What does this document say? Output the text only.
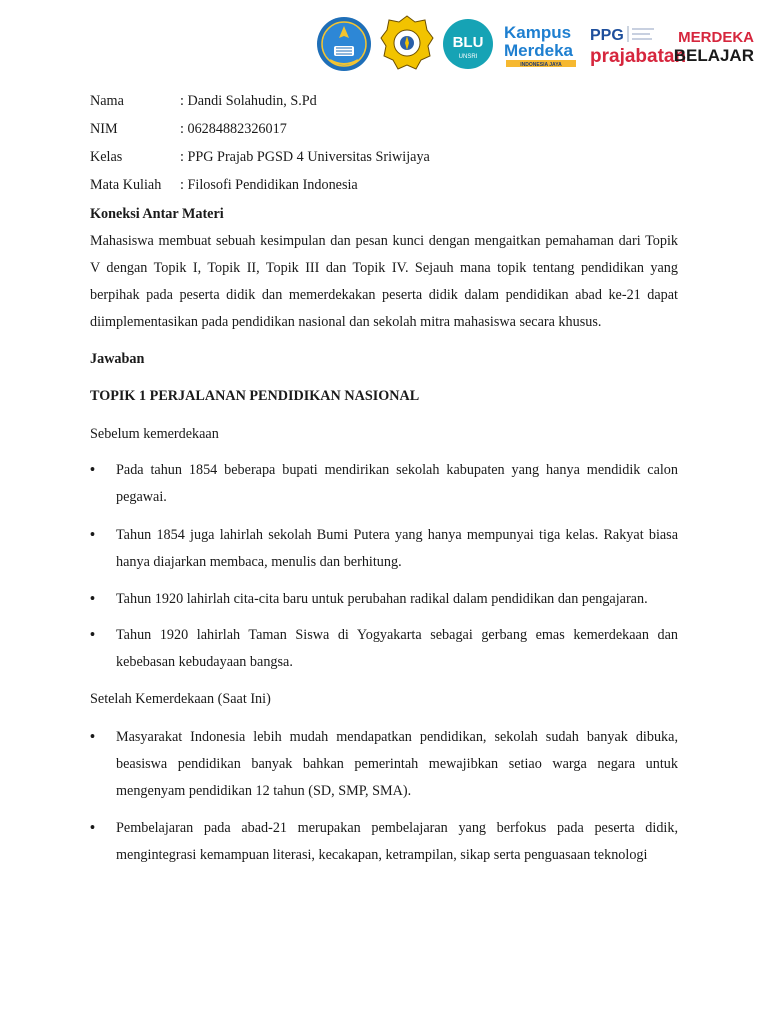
BLU
UNSRI
Kampus
Merdeka
INDONESIA JAYA
PPG
prajabatan
MERDEKA
BELAJAR
Nama	: Dandi Solahudin, S.Pd
NIM	: 06284882326017
Kelas	: PPG Prajab PGSD 4 Universitas Sriwijaya
Mata Kuliah : Filosofi Pendidikan Indonesia
Koneksi Antar Materi
Mahasiswa membuat sebuah kesimpulan dan pesan kunci dengan mengaitkan pemahaman dari Topik V dengan Topik I, Topik II, Topik III dan Topik IV. Sejauh mana topik tentang pendidikan yang berpihak pada peserta didik dan memerdekakan peserta didik dalam pendidikan abad ke-21 dapat diimplementasikan pada pendidikan nasional dan sekolah mitra mahasiswa secara khusus.
Jawaban
TOPIK 1 PERJALANAN PENDIDIKAN NASIONAL
Sebelum kemerdekaan
•	Pada tahun 1854 beberapa bupati mendirikan sekolah kabupaten yang hanya mendidik calon pegawai.
•	Tahun 1854 juga lahirlah sekolah Bumi Putera yang hanya mempunyai tiga kelas. Rakyat biasa hanya diajarkan membaca, menulis dan berhitung.
•	Tahun 1920 lahirlah cita-cita baru untuk perubahan radikal dalam pendidikan dan pengajaran.
•	Tahun 1920 lahirlah Taman Siswa di Yogyakarta sebagai gerbang emas kemerdekaan dan kebebasan kebudayaan bangsa.
Setelah Kemerdekaan (Saat Ini)
•	Masyarakat Indonesia lebih mudah mendapatkan pendidikan, sekolah sudah banyak dibuka, beasiswa pendidikan banyak bahkan pemerintah mewajibkan setiao warga negara untuk mengenyam pendidikan 12 tahun (SD, SMP, SMA).
•	Pembelajaran pada abad-21 merupakan pembelajaran yang berfokus pada peserta didik, mengintegrasi kemampuan literasi, kecakapan, ketrampilan, sikap serta penguasaan teknologi
